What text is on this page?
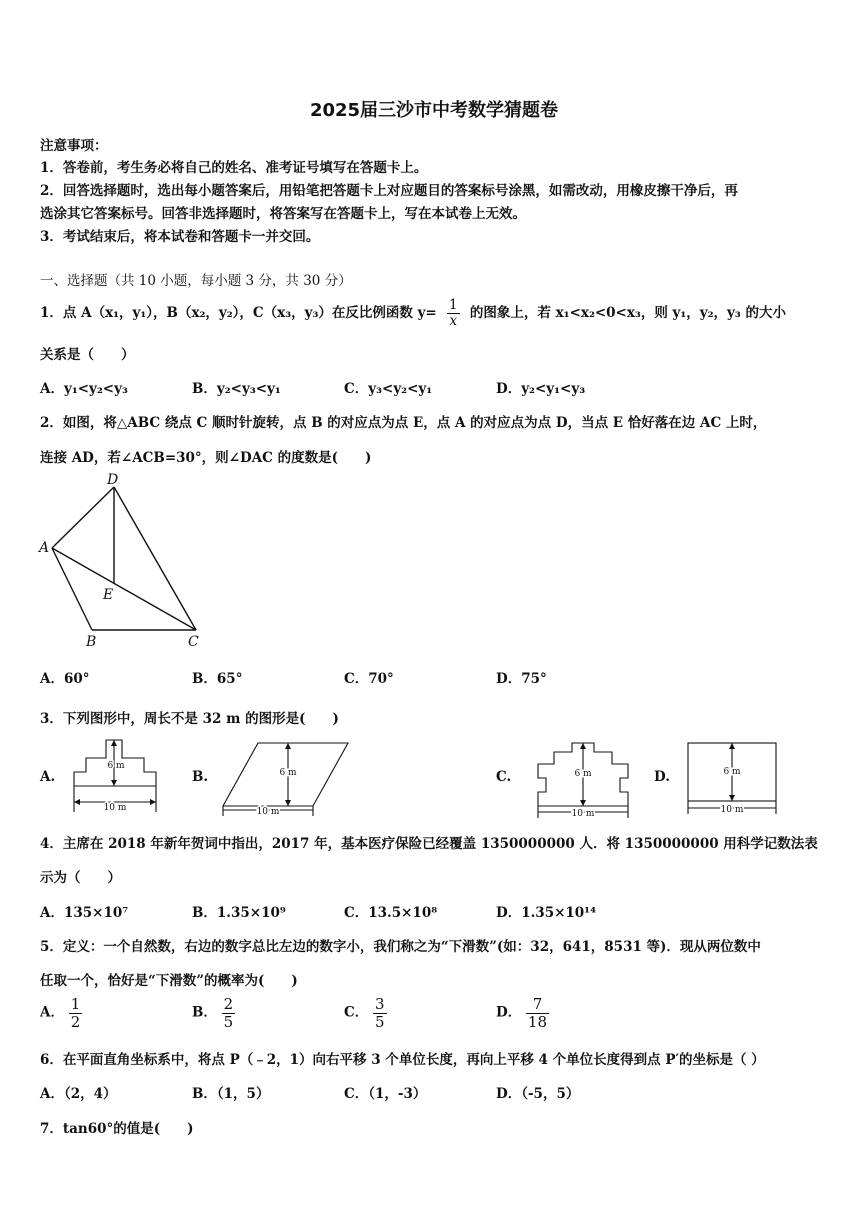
2025届三沙市中考数学猜题卷
注意事项：
1．答卷前，考生务必将自己的姓名、准考证号填写在答题卡上。
2．回答选择题时，选出每小题答案后，用铅笔把答题卡上对应题目的答案标号涂黑，如需改动，用橡皮擦干净后，再
选涂其它答案标号。回答非选择题时，将答案写在答题卡上，写在本试卷上无效。
3．考试结束后，将本试卷和答题卡一并交回。
一、选择题（共 10 小题，每小题 3 分，共 30 分）
1．点 A（x₁，y₁），B（x₂，y₂），C（x₃，y₃）在反比例函数 $y= \frac{1}{x}$ 的图象上，若 x₁<x₂<0<x₃，则 y₁，y₂，y₃ 的大小
关系是（　　）
A．y₁<y₂<y₃	B．y₂<y₃<y₁	C．y₃<y₂<y₁	D．y₂<y₁<y₃
2．如图，将△ABC 绕点 C 顺时针旋转，点 B 的对应点为点 E，点 A 的对应点为点 D，当点 E 恰好落在边 AC 上时，
连接 AD，若∠ACB=30°，则∠DAC 的度数是(　　)
D
A
E
B	C
A．60°	B．65°	C．70°	D．75°
3．下列图形中，周长不是 32 m 的图形是(　　)
A.
6 m
10 m
B.	6 m
10 m
C.	6 m
10 m
D.	6 m
10 m
4．主席在 2018 年新年贺词中指出，2017 年，基本医疗保险已经覆盖 1350000000 人．将 1350000000 用科学记数法表
示为（　　）
A．135×10⁷	B．1.35×10⁹	C．13.5×10⁸	D．1.35×10¹⁴
5．定义：一个自然数，右边的数字总比左边的数字小，我们称之为“下滑数”(如：32，641，8531 等)．现从两位数中
任取一个，恰好是“下滑数”的概率为(　　)
A． $\frac{1}{2}$	B． $\frac{2}{5}$	C． $\frac{3}{5}$	D． $\frac{7}{18}$
6．在平面直角坐标系中，将点 P（﹣2，1）向右平移 3 个单位长度，再向上平移 4 个单位长度得到点 P′的坐标是（ ）
A．（2，4）	B．（1，5）	C．（1，-3）	D．（-5，5）
7．tan60°的值是(　　)
